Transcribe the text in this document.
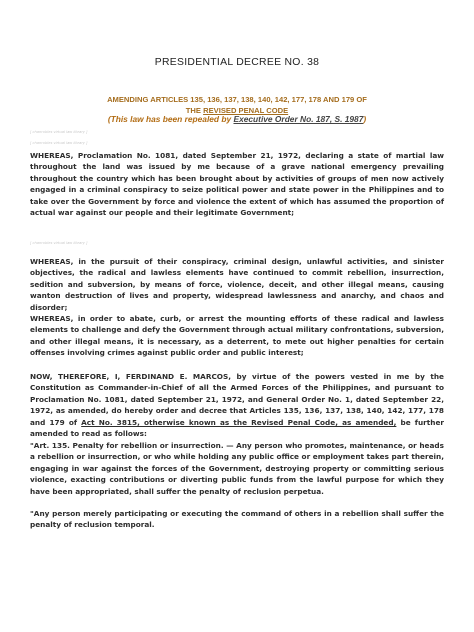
PRESIDENTIAL DECREE NO. 38
AMENDING ARTICLES 135, 136, 137, 138, 140, 142, 177, 178 AND 179 OF
THE REVISED PENAL CODE
(This law has been repealed by Executive Order No. 187, S. 1987)
[ chanrobles virtual law library ]
[ chanrobles virtual law library ]

WHEREAS, Proclamation No. 1081, dated September 21, 1972, declaring a state of martial law throughout the land was issued by me because of a grave national emergency prevailing throughout the country which has been brought about by activities of groups of men now actively engaged in a criminal conspiracy to seize political power and state power in the Philippines and to take over the Government by force and violence the extent of which has assumed the proportion of actual war against our people and their legitimate Government;

[ chanrobles virtual law library ]

WHEREAS, in the pursuit of their conspiracy, criminal design, unlawful activities, and sinister objectives, the radical and lawless elements have continued to commit rebellion, insurrection, sedition and subversion, by means of force, violence, deceit, and other illegal means, causing wanton destruction of lives and property, widespread lawlessness and anarchy, and chaos and disorder;

WHEREAS, in order to abate, curb, or arrest the mounting efforts of these radical and lawless elements to challenge and defy the Government through actual military confrontations, subversion, and other illegal means, it is necessary, as a deterrent, to mete out higher penalties for certain offenses involving crimes against public order and public interest;

NOW, THEREFORE, I, FERDINAND E. MARCOS, by virtue of the powers vested in me by the Constitution as Commander-in-Chief of all the Armed Forces of the Philippines, and pursuant to Proclamation No. 1081, dated September 21, 1972, and General Order No. 1, dated September 22, 1972, as amended, do hereby order and decree that Articles 135, 136, 137, 138, 140, 142, 177, 178 and 179 of Act No. 3815, otherwise known as the Revised Penal Code, as amended, be further amended to read as follows:

"Art. 135. Penalty for rebellion or insurrection. — Any person who promotes, maintenance, or heads a rebellion or insurrection, or who while holding any public office or employment takes part therein, engaging in war against the forces of the Government, destroying property or committing serious violence, exacting contributions or diverting public funds from the lawful purpose for which they have been appropriated, shall suffer the penalty of reclusion perpetua.

"Any person merely participating or executing the command of others in a rebellion shall suffer the penalty of reclusion temporal.
